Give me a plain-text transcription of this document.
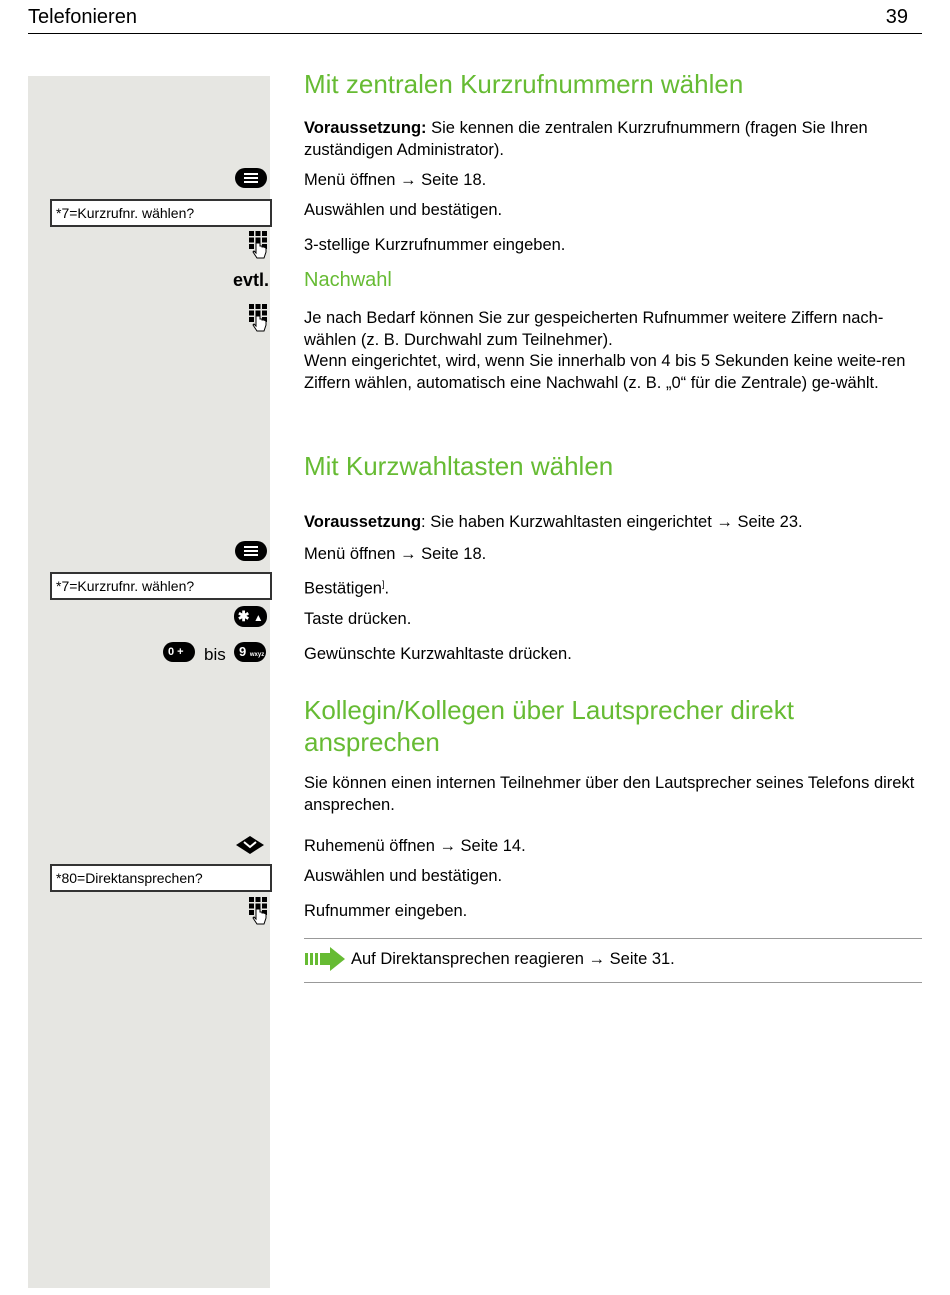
Telefonieren	39
Mit zentralen Kurzrufnummern wählen
Voraussetzung: Sie kennen die zentralen Kurzrufnummern (fragen Sie Ihren zuständigen Administrator).
Menü öffnen → Seite 18.
*7=Kurzrufnr. wählen?	Auswählen und bestätigen.
3-stellige Kurzrufnummer eingeben.
evtl. Nachwahl
Je nach Bedarf können Sie zur gespeicherten Rufnummer weitere Ziffern nach-wählen (z. B. Durchwahl zum Teilnehmer).
Wenn eingerichtet, wird, wenn Sie innerhalb von 4 bis 5 Sekunden keine weite-ren Ziffern wählen, automatisch eine Nachwahl (z. B. „0“ für die Zentrale) ge-wählt.
Mit Kurzwahltasten wählen
Voraussetzung: Sie haben Kurzwahltasten eingerichtet → Seite 23.
Menü öffnen → Seite 18.
*7=Kurzrufnr. wählen?	Bestätigen].
✱ ▲ Taste drücken.
0 +	bis	9 wxyz Gewünschte Kurzwahltaste drücken.
Kollegin/Kollegen über Lautsprecher direkt
ansprechen
Sie können einen internen Teilnehmer über den Lautsprecher seines Telefons direkt ansprechen.
Ruhemenü öffnen → Seite 14.
*80=Direktansprechen?	Auswählen und bestätigen.
Rufnummer eingeben.
Auf Direktansprechen reagieren → Seite 31.
